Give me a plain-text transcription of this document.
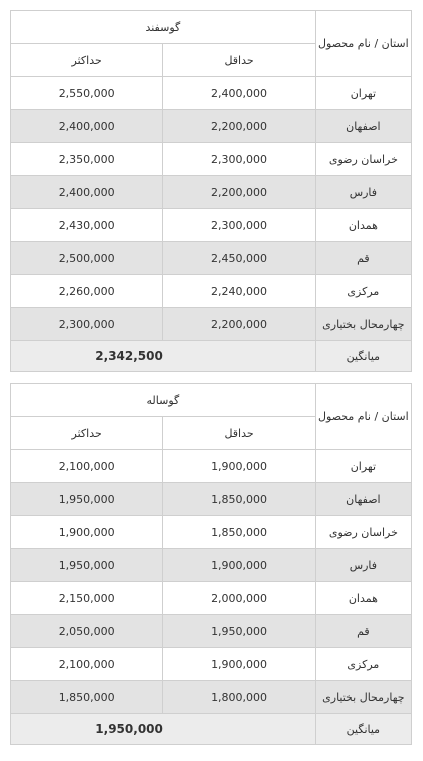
گوسفند		استان / نام محصول
حداکثر	حداقل	
2,550,000	2,400,000	تهران
2,400,000	2,200,000	اصفهان
2,350,000	2,300,000	خراسان رضوی
2,400,000	2,200,000	فارس
2,430,000	2,300,000	همدان
2,500,000	2,450,000	قم
2,260,000	2,240,000	مرکزی
2,300,000	2,200,000	چهارمحال بختیاری
2,342,500		میانگین
گوساله		استان / نام محصول
حداکثر	حداقل	
2,100,000	1,900,000	تهران
1,950,000	1,850,000	اصفهان
1,900,000	1,850,000	خراسان رضوی
1,950,000	1,900,000	فارس
2,150,000	2,000,000	همدان
2,050,000	1,950,000	قم
2,100,000	1,900,000	مرکزی
1,850,000	1,800,000	چهارمحال بختیاری
1,950,000		میانگین
